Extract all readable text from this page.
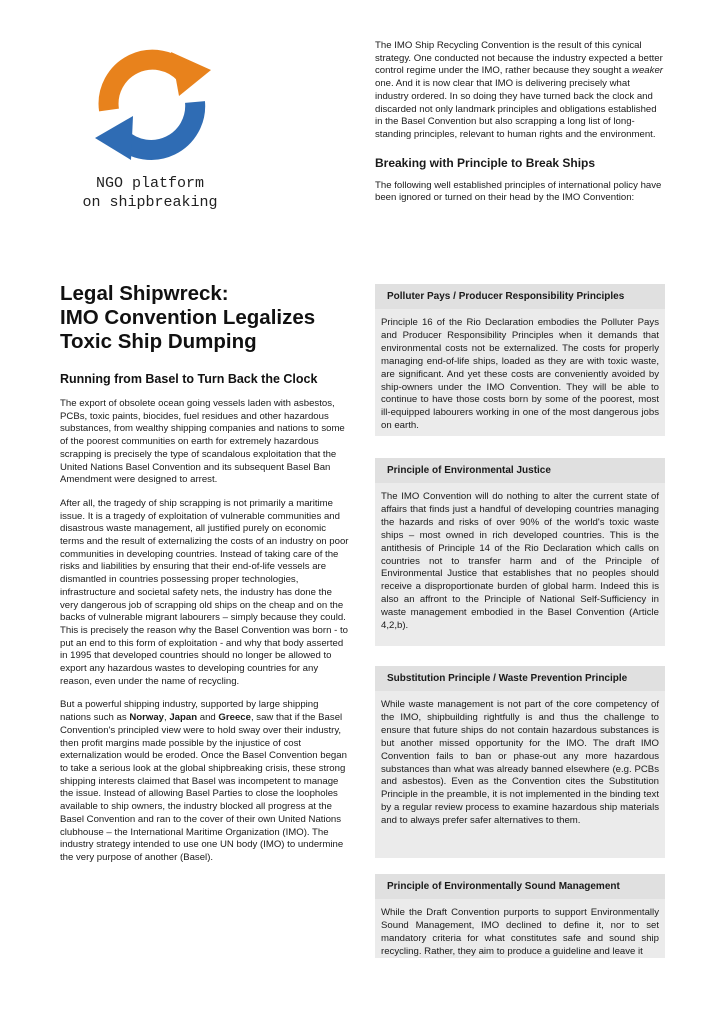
NGO platform
on shipbreaking
Legal Shipwreck:
IMO Convention Legalizes
Toxic Ship Dumping
Running from Basel to Turn Back the Clock

The export of obsolete ocean going vessels laden with asbestos, PCBs, toxic paints, biocides, fuel residues and other hazardous substances, from wealthy shipping companies and nations to some of the poorest communities on earth for extremely hazardous scrapping is precisely the type of scandalous exploitation that the United Nations Basel Convention and its subsequent Basel Ban Amendment were designed to arrest.

After all, the tragedy of ship scrapping is not primarily a maritime issue. It is a tragedy of exploitation of vulnerable communities and disastrous waste management, all justified purely on economic terms and the result of externalizing the costs of an industry on poor communities in developing countries. Instead of taking care of the risks and liabilities by ensuring that their end-of-life vessels are dismantled in countries possessing proper technologies, infrastructure and societal safety nets, the industry has done the very dangerous job of scrapping old ships on the cheap and on the backs of vulnerable migrant labourers – simply because they could. This is precisely the reason why the Basel Convention was born - to put an end to this form of exploitation - and why that body asserted in 1995 that developed countries should no longer be allowed to export any hazardous wastes to developing countries for any reason, even under the name of recycling.

But a powerful shipping industry, supported by large shipping nations such as Norway, Japan and Greece, saw that if the Basel Convention's principled view were to hold sway over their industry, then profit margins made possible by the injustice of cost externalization would be eroded. Once the Basel Convention began to take a serious look at the global shipbreaking crisis, these strong shipping interests claimed that Basel was incompetent to manage the issue. Instead of allowing Basel Parties to close the loopholes available to ship owners, the industry blocked all progress at the Basel Convention and ran to the cover of their own United Nations clubhouse – the International Maritime Organization (IMO). The industry strategy intended to use one UN body (IMO) to undermine the very purpose of another (Basel).

The IMO Ship Recycling Convention is the result of this cynical strategy. One conducted not because the industry expected a better control regime under the IMO, rather because they sought a weaker one. And it is now clear that IMO is delivering precisely what industry ordered. In so doing they have turned back the clock and discarded not only landmark principles and obligations established in the Basel Convention but also scrapping a long list of long-standing principles, relevant to human rights and the environment.

Breaking with Principle to Break Ships

The following well established principles of international policy have been ignored or turned on their head by the IMO Convention:

Polluter Pays / Producer Responsibility Principles
Principle 16 of the Rio Declaration embodies the Polluter Pays and Producer Responsibility Principles when it demands that environmental costs not be externalized. The costs for properly managing end-of-life ships, loaded as they are with toxic waste, are significant. And yet these costs are conveniently avoided by ship-owners under the IMO Convention. They will be able to continue to have those costs born by some of the poorest, most ill-equipped labourers working in one of the most dangerous jobs on earth.
Principle of Environmental Justice
The IMO Convention will do nothing to alter the current state of affairs that finds just a handful of developing countries managing the hazards and risks of over 90% of the world's toxic waste ships – most owned in rich developed countries. This is the antithesis of Principle 14 of the Rio Declaration which calls on countries not to transfer harm and of the Principle of Environmental Justice that establishes that no peoples should receive a disproportionate burden of global harm. Indeed this is also an affront to the Principle of National Self-Sufficiency in waste management embodied in the Basel Convention (Article 4,2,b).
Substitution Principle / Waste Prevention Principle
While waste management is not part of the core competency of the IMO, shipbuilding rightfully is and thus the challenge to ensure that future ships do not contain hazardous substances is but another missed opportunity for the IMO. The draft IMO Convention fails to ban or phase-out any more hazardous substances than what was already banned elsewhere (e.g. PCBs and asbestos). Even as the Convention cites the Substitution Principle in the preamble, it is not implemented in the binding text by a regular review process to examine hazardous ship materials and to always prefer safer alternatives to them.
Principle of Environmentally Sound Management
While the Draft Convention purports to support Environmentally Sound Management, IMO declined to define it, nor to set mandatory criteria for what constitutes safe and sound ship recycling. Rather, they aim to produce a guideline and leave it
